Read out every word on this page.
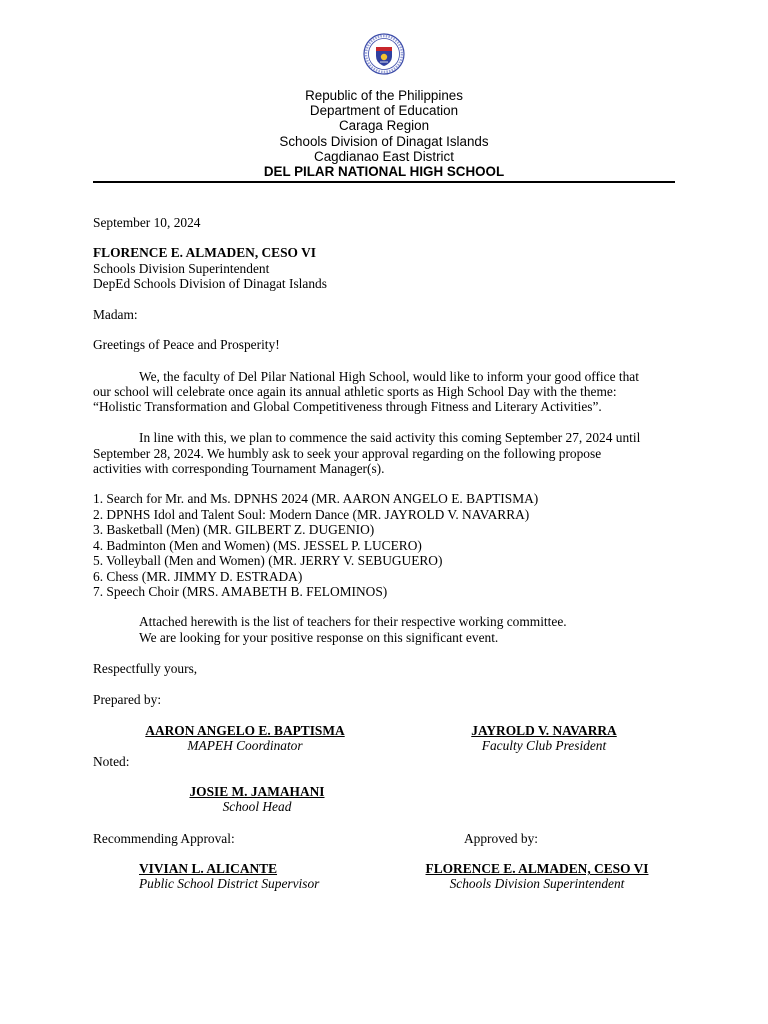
Republic of the Philippines
Department of Education
Caraga Region
Schools Division of Dinagat Islands
Cagdianao East District
DEL PILAR NATIONAL HIGH SCHOOL
September 10, 2024
FLORENCE E. ALMADEN, CESO VI
Schools Division Superintendent
DepEd Schools Division of Dinagat Islands
Madam:
Greetings of Peace and Prosperity!
We, the faculty of Del Pilar National High School, would like to inform your good office that
our school will celebrate once again its annual athletic sports as High School Day with the theme:
“Holistic Transformation and Global Competitiveness through Fitness and Literary Activities”.
In line with this, we plan to commence the said activity this coming September 27, 2024 until
September 28, 2024. We humbly ask to seek your approval regarding on the following propose
activities with corresponding Tournament Manager(s).
1. Search for Mr. and Ms. DPNHS 2024 (MR. AARON ANGELO E. BAPTISMA)
2. DPNHS Idol and Talent Soul: Modern Dance (MR. JAYROLD V. NAVARRA)
3. Basketball (Men) (MR. GILBERT Z. DUGENIO)
4. Badminton (Men and Women) (MS. JESSEL P. LUCERO)
5. Volleyball (Men and Women) (MR. JERRY V. SEBUGUERO)
6. Chess (MR. JIMMY D. ESTRADA)
7. Speech Choir (MRS. AMABETH B. FELOMINOS)
Attached herewith is the list of teachers for their respective working committee.
We are looking for your positive response on this significant event.
Respectfully yours,
Prepared by:
AARON ANGELO E. BAPTISMA
MAPEH Coordinator
JAYROLD V. NAVARRA
Faculty Club President
Noted:
JOSIE M. JAMAHANI
School Head
Recommending Approval:	Approved by:
VIVIAN L. ALICANTE
Public School District Supervisor
FLORENCE E. ALMADEN, CESO VI
Schools Division Superintendent
